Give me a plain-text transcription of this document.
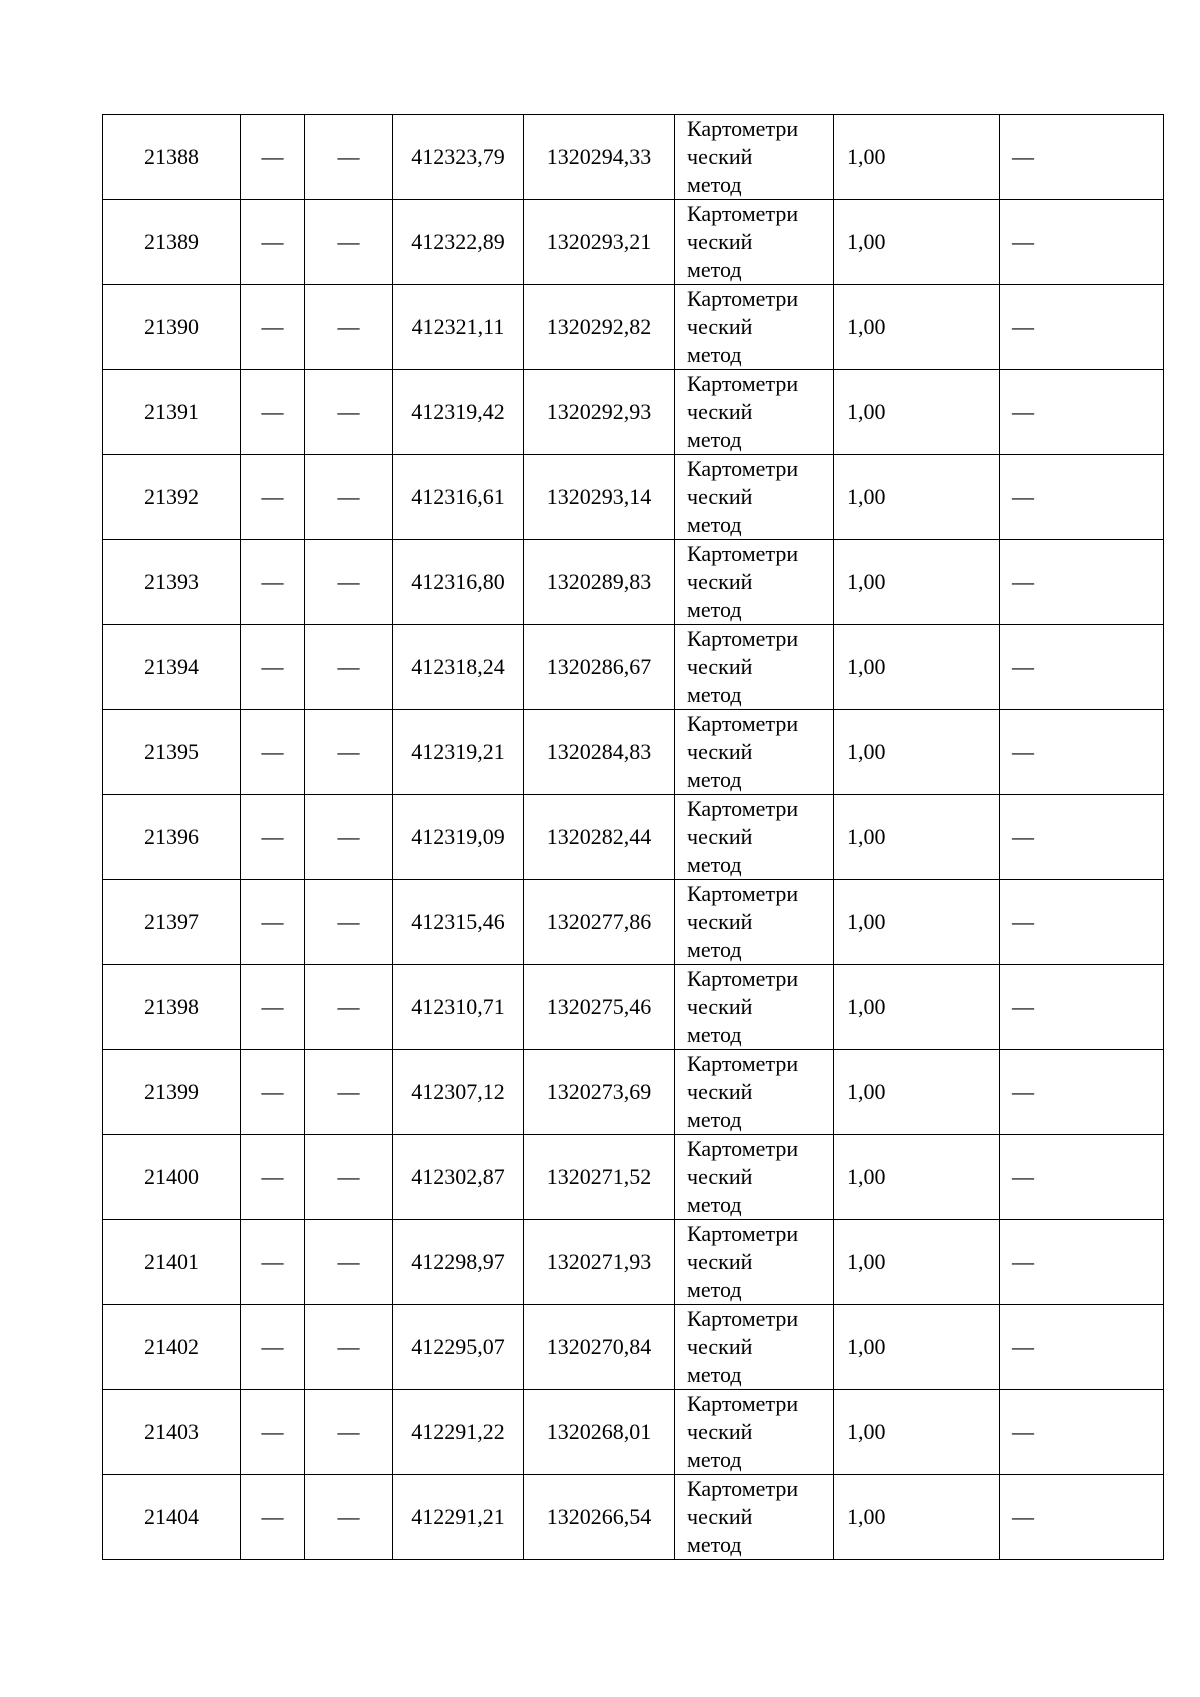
21388	—	—	412323,79	1320294,33	Картометри
ческий
метод	1,00	—
21389	—	—	412322,89	1320293,21	Картометри
ческий
метод	1,00	—
21390	—	—	412321,11	1320292,82	Картометри
ческий
метод	1,00	—
21391	—	—	412319,42	1320292,93	Картометри
ческий
метод	1,00	—
21392	—	—	412316,61	1320293,14	Картометри
ческий
метод	1,00	—
21393	—	—	412316,80	1320289,83	Картометри
ческий
метод	1,00	—
21394	—	—	412318,24	1320286,67	Картометри
ческий
метод	1,00	—
21395	—	—	412319,21	1320284,83	Картометри
ческий
метод	1,00	—
21396	—	—	412319,09	1320282,44	Картометри
ческий
метод	1,00	—
21397	—	—	412315,46	1320277,86	Картометри
ческий
метод	1,00	—
21398	—	—	412310,71	1320275,46	Картометри
ческий
метод	1,00	—
21399	—	—	412307,12	1320273,69	Картометри
ческий
метод	1,00	—
21400	—	—	412302,87	1320271,52	Картометри
ческий
метод	1,00	—
21401	—	—	412298,97	1320271,93	Картометри
ческий
метод	1,00	—
21402	—	—	412295,07	1320270,84	Картометри
ческий
метод	1,00	—
21403	—	—	412291,22	1320268,01	Картометри
ческий
метод	1,00	—
21404	—	—	412291,21	1320266,54	Картометри
ческий
метод	1,00	—
